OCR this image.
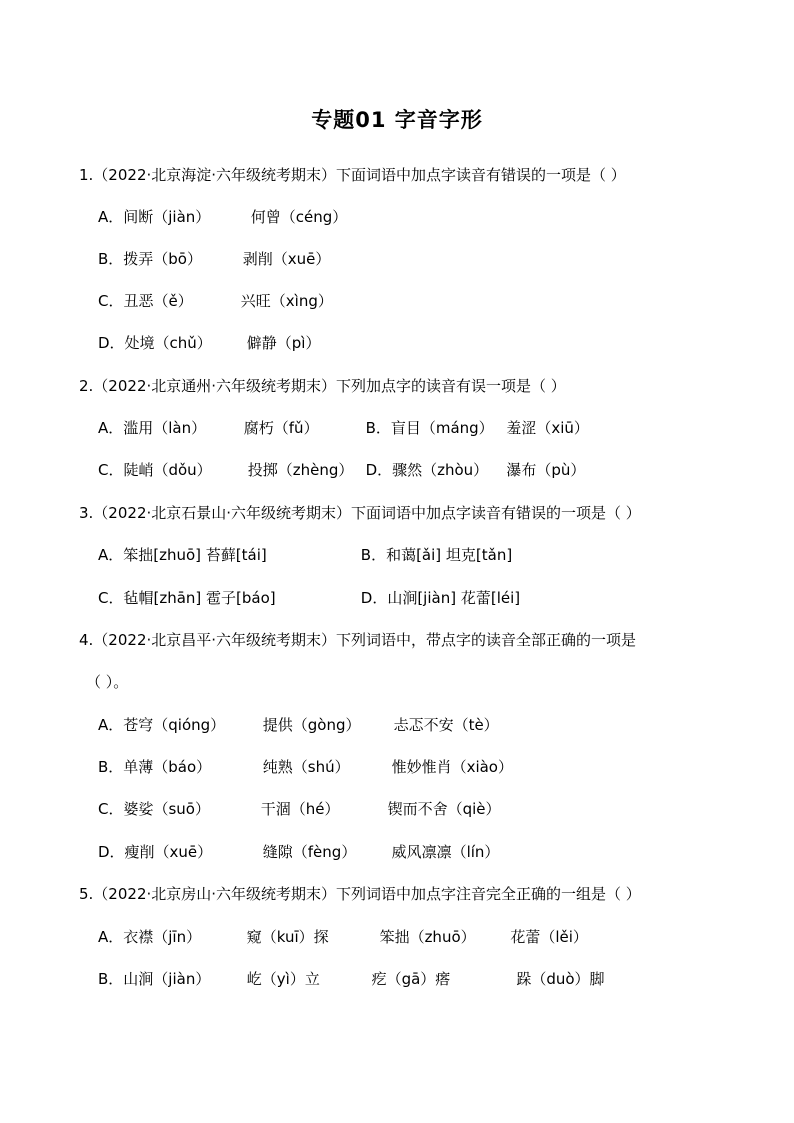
专题01 字音字形
1.（2022·北京海淀·六年级统考期末）下面词语中加点字读音有错误的一项是（ ）
A．间断（jiàn）	何曾（céng）
B．拨弄（bō）	剥削（xuē）
C．丑恶（ě）	兴旺（xìng）
D．处境（chǔ） 僻静（pì）
2.（2022·北京通州·六年级统考期末）下列加点字的读音有误一项是（ ）
A．滥用（làn）	腐朽（fǔ）	B．盲目（máng） 羞涩（xiū）
C．陡峭（dǒu） 投掷（zhèng） D．骤然（zhòu） 瀑布（pù）
3.（2022·北京石景山·六年级统考期末）下面词语中加点字读音有错误的一项是（ ）
A．笨拙[zhuō] 苔藓[tái]	B．和蔼[ǎi] 坦克[tǎn]
C．毡帽[zhān] 雹子[báo]	D．山涧[jiàn] 花蕾[léi]
4.（2022·北京昌平·六年级统考期末）下列词语中，带点字的读音全部正确的一项是
（ ）。
A．苍穹（qióng）	提供（gòng） 忐忑不安（tè）
B．单薄（báo）	纯熟（shú）	惟妙惟肖（xiào）
C．婆娑（suō）	干涸（hé）	锲而不舍（qiè）
D．瘦削（xuē）	缝隙（fèng） 威风凛凛（lín）
5.（2022·北京房山·六年级统考期末）下列词语中加点字注音完全正确的一组是（ ）
A．衣襟（jīn）	窥（kuī）探	笨拙（zhuō） 花蕾（lěi）
B．山涧（jiàn） 屹（yì）立	疙（gā）瘩	跺（duò）脚
